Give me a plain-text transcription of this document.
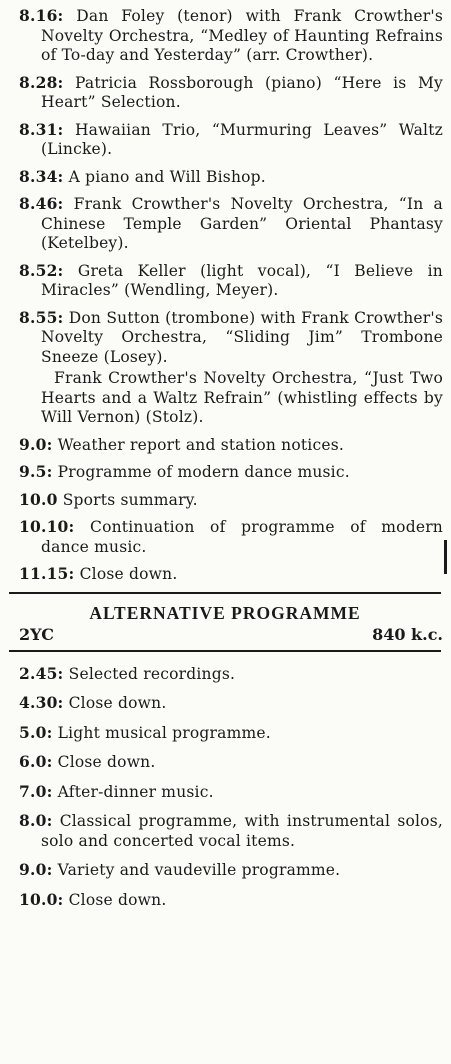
8.16: Dan Foley (tenor) with Frank Crowther's Novelty Orchestra, “Medley of Haunting Refrains of To-day and Yesterday” (arr. Crowther).
8.28: Patricia Rossborough (piano) “Here is My Heart” Selection.
8.31: Hawaiian Trio, “Murmuring Leaves” Waltz (Lincke).
8.34: A piano and Will Bishop.
8.46: Frank Crowther's Novelty Orchestra, “In a Chinese Temple Garden” Oriental Phantasy (Ketelbey).
8.52: Greta Keller (light vocal), “I Believe in Miracles” (Wendling, Meyer).
8.55: Don Sutton (trombone) with Frank Crowther's Novelty Orchestra, “Sliding Jim” Trombone Sneeze (Losey).
Frank Crowther's Novelty Orchestra, “Just Two Hearts and a Waltz Refrain” (whistling effects by Will Vernon) (Stolz).
9.0: Weather report and station notices.
9.5: Programme of modern dance music.
10.0 Sports summary.
10.10: Continuation of programme of modern dance music.
11.15: Close down.
ALTERNATIVE PROGRAMME
2YC	840 k.c.
2.45: Selected recordings.
4.30: Close down.
5.0: Light musical programme.
6.0: Close down.
7.0: After-dinner music.
8.0: Classical programme, with instrumental solos, solo and concerted vocal items.
9.0: Variety and vaudeville programme.
10.0: Close down.
